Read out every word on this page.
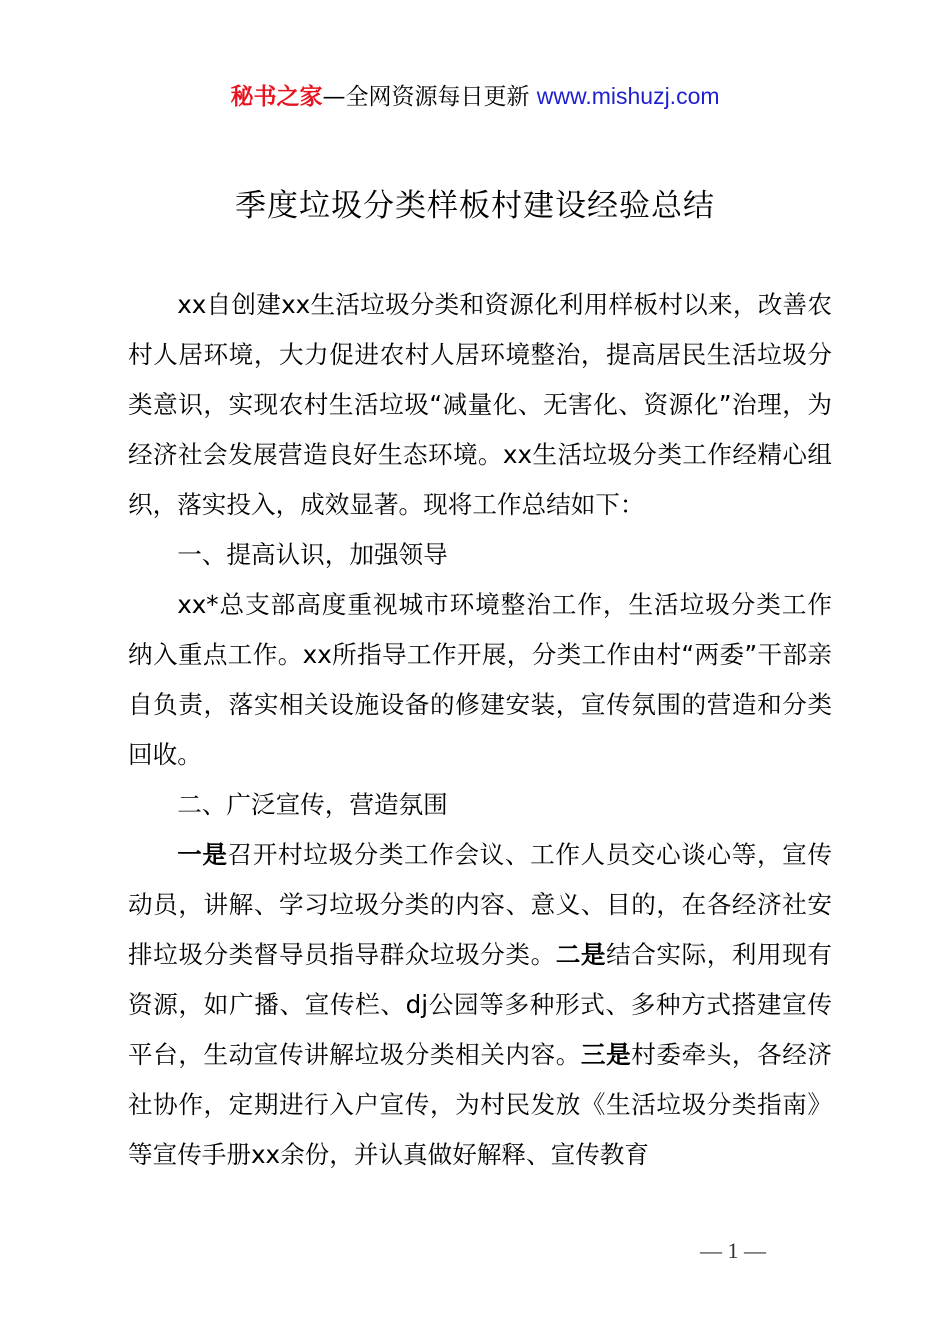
秘书之家—全网资源每日更新 www.mishuzj.com
季度垃圾分类样板村建设经验总结

xx自创建xx生活垃圾分类和资源化利用样板村以来，改善农村人居环境，大力促进农村人居环境整治，提高居民生活垃圾分类意识，实现农村生活垃圾“减量化、无害化、资源化”治理，为经济社会发展营造良好生态环境。xx生活垃圾分类工作经精心组织，落实投入，成效显著。现将工作总结如下：

一、提高认识，加强领导

xx*总支部高度重视城市环境整治工作，生活垃圾分类工作纳入重点工作。xx所指导工作开展，分类工作由村“两委”干部亲自负责，落实相关设施设备的修建安装，宣传氛围的营造和分类回收。

二、广泛宣传，营造氛围

一是召开村垃圾分类工作会议、工作人员交心谈心等，宣传动员，讲解、学习垃圾分类的内容、意义、目的，在各经济社安排垃圾分类督导员指导群众垃圾分类。二是结合实际，利用现有资源，如广播、宣传栏、dj公园等多种形式、多种方式搭建宣传平台，生动宣传讲解垃圾分类相关内容。三是村委牵头，各经济社协作，定期进行入户宣传，为村民发放《生活垃圾分类指南》等宣传手册xx余份，并认真做好解释、宣传教育

— 1 —
